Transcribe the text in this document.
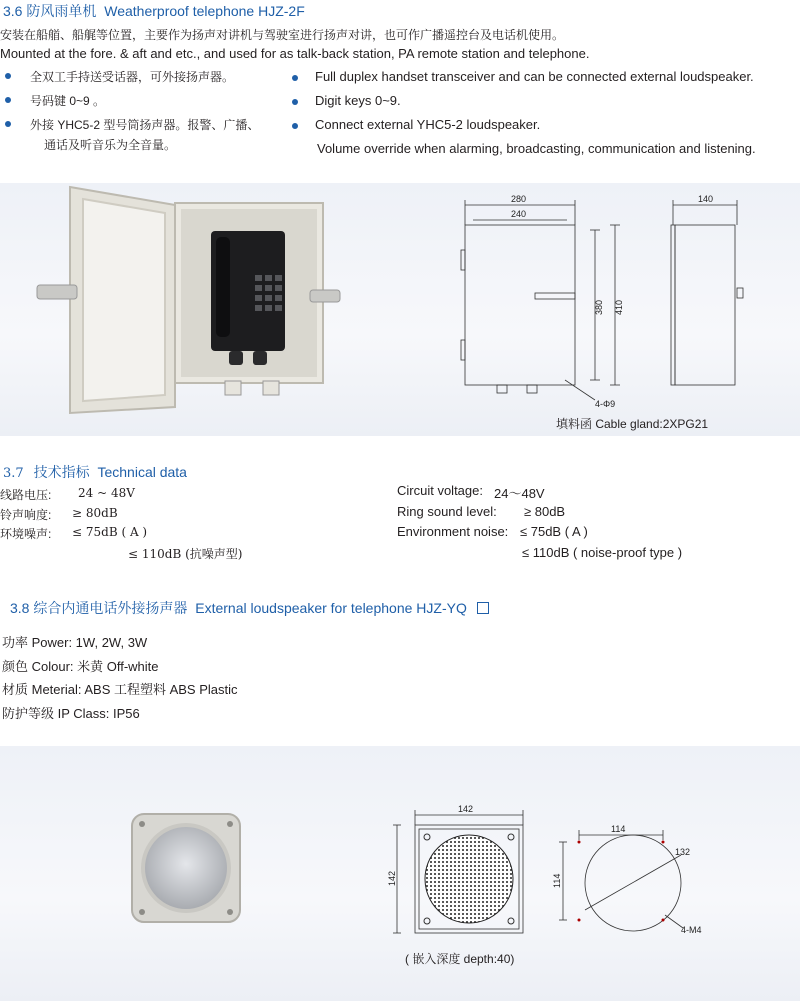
3.6 防风雨单机 Weatherproof telephone HJZ-2F
安装在船艏、船艉等位置，主要作为扬声对讲机与驾驶室进行扬声对讲，也可作广播遥控台及电话机使用。
Mounted at the fore. & aft and etc., and used for as talk-back station, PA remote station and telephone.
全双工手持送受话器，可外接扬声器。
号码键 0~9 。
外接 YHC5-2 型号筒扬声器。报警、广播、
通话及听音乐为全音量。
Full duplex handset transceiver and can be connected external loudspeaker.
Digit keys 0~9.
Connect external YHC5-2 loudspeaker.
Volume override when alarming, broadcasting, communication and listening.
280
240
140
380 410
4-Φ9
填料函 Cable gland:2XPG21
3.7 技术指标 Technical data
线路电压: 24 ~ 48V
铃声响度: ≥ 80dB
环境噪声: ≤ 75dB ( A )
≤ 110dB (抗噪声型)
Circuit voltage: 24～48V
Ring sound level: ≥ 80dB
Environment noise: ≤ 75dB ( A )
≤ 110dB ( noise-proof type )
3.8 综合内通电话外接扬声器 External loudspeaker for telephone HJZ-YQ
功率 Power: 1W, 2W, 3W
颜色 Colour: 米黄 Off-white
材质 Meterial: ABS 工程塑料 ABS Plastic
防护等级 IP Class: IP56
142
142
114
114
132
4-M4
( 嵌入深度 depth:40)
